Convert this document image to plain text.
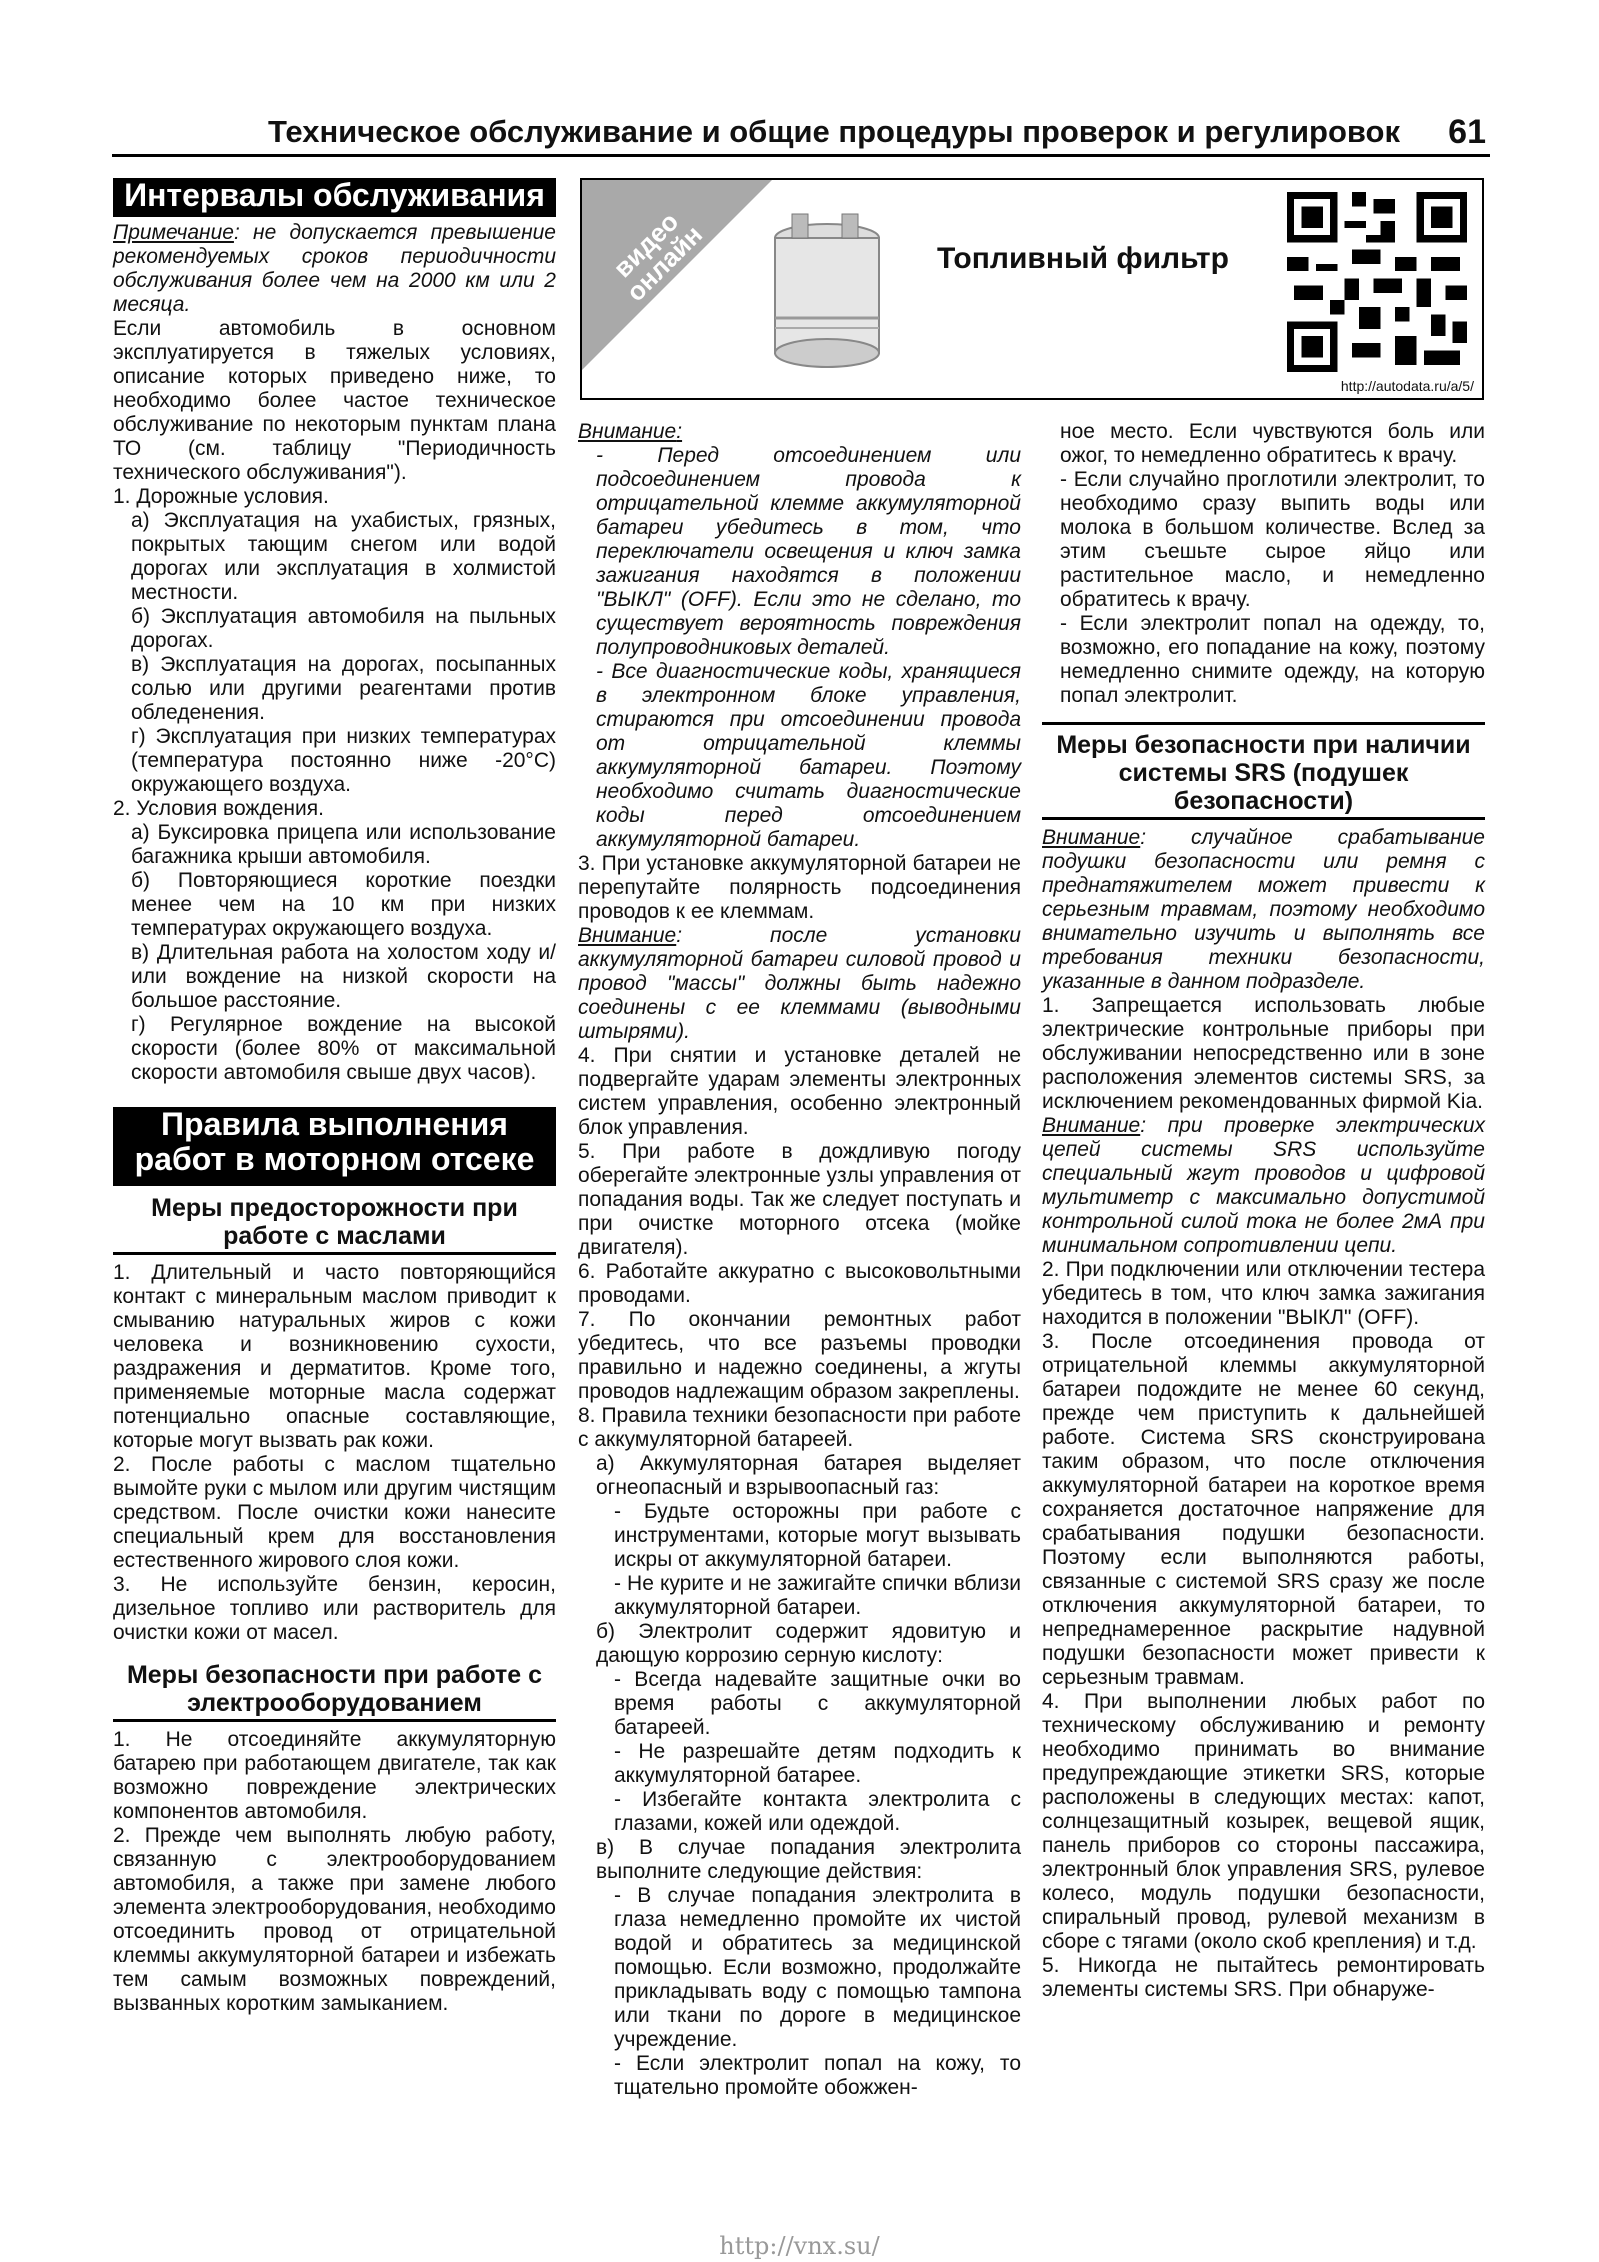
Техническое обслуживание и общие процедуры проверок и регулировок 61
Интервалы обслуживания

Примечание: не допускается превышение рекомендуемых сроков периодичности обслуживания более чем на 2000 км или 2 месяца.

Если автомобиль в основном эксплуатируется в тяжелых условиях, описание которых приведено ниже, то необходимо более частое техническое обслуживание по некоторым пунктам плана ТО (см. таблицу "Периодичность технического обслуживания").

1. Дорожные условия.

а) Эксплуатация на ухабистых, грязных, покрытых тающим снегом или водой дорогах или эксплуатация в холмистой местности.

б) Эксплуатация автомобиля на пыльных дорогах.

в) Эксплуатация на дорогах, посыпанных солью или другими реагентами против обледенения.

г) Эксплуатация при низких температурах (температура постоянно ниже -20°С) окружающего воздуха.

2. Условия вождения.

а) Буксировка прицепа или использование багажника крыши автомобиля.

б) Повторяющиеся короткие поездки менее чем на 10 км при низких температурах окружающего воздуха.

в) Длительная работа на холостом ходу и/или вождение на низкой скорости на большое расстояние.

г) Регулярное вождение на высокой скорости (более 80% от максимальной скорости автомобиля свыше двух часов).

Правила выполнения работ в моторном отсеке
Меры предосторожности при работе с маслами

1. Длительный и часто повторяющийся контакт с минеральным маслом приводит к смыванию натуральных жиров с кожи человека и возникновению сухости, раздражения и дерматитов. Кроме того, применяемые моторные масла содержат потенциально опасные составляющие, которые могут вызвать рак кожи.

2. После работы с маслом тщательно вымойте руки с мылом или другим чистящим средством. После очистки кожи нанесите специальный крем для восстановления естественного жирового слоя кожи.

3. Не используйте бензин, керосин, дизельное топливо или растворитель для очистки кожи от масел.

Меры безопасности при работе с электрооборудованием

1. Не отсоединяйте аккумуляторную батарею при работающем двигателе, так как возможно повреждение электрических компонентов автомобиля.

2. Прежде чем выполнять любую работу, связанную с электрооборудованием автомобиля, а также при замене любого элемента электрооборудования, необходимо отсоединить провод от отрицательной клеммы аккумуляторной батареи и избежать тем самым возможных повреждений, вызванных коротким замыканием.

видео онлайн	Топливный фильтр
http://autodata.ru/a/5/

Внимание:

- Перед отсоединением или подсоединением провода к отрицательной клемме аккумуляторной батареи убедитесь в том, что переключатели освещения и ключ замка зажигания находятся в положении "ВЫКЛ" (OFF). Если это не сделано, то существует вероятность повреждения полупроводниковых деталей.

- Все диагностические коды, хранящиеся в электронном блоке управления, стираются при отсоединении провода от отрицательной клеммы аккумуляторной батареи. Поэтому необходимо считать диагностические коды перед отсоединением аккумуляторной батареи.

3. При установке аккумуляторной батареи не перепутайте полярность подсоединения проводов к ее клеммам.

Внимание: после установки аккумуляторной батареи силовой провод и провод "массы" должны быть надежно соединены с ее клеммами (выводными штырями).

4. При снятии и установке деталей не подвергайте ударам элементы электронных систем управления, особенно электронный блок управления.

5. При работе в дождливую погоду оберегайте электронные узлы управления от попадания воды. Так же следует поступать и при очистке моторного отсека (мойке двигателя).

6. Работайте аккуратно с высоковольтными проводами.

7. По окончании ремонтных работ убедитесь, что все разъемы проводки правильно и надежно соединены, а жгуты проводов надлежащим образом закреплены.

8. Правила техники безопасности при работе с аккумуляторной батареей.

а) Аккумуляторная батарея выделяет огнеопасный и взрывоопасный газ:

- Будьте осторожны при работе с инструментами, которые могут вызывать искры от аккумуляторной батареи.

- Не курите и не зажигайте спички вблизи аккумуляторной батареи.

б) Электролит содержит ядовитую и дающую коррозию серную кислоту:

- Всегда надевайте защитные очки во время работы с аккумуляторной батареей.

- Не разрешайте детям подходить к аккумуляторной батарее.

- Избегайте контакта электролита с глазами, кожей или одеждой.

в) В случае попадания электролита выполните следующие действия:

- В случае попадания электролита в глаза немедленно промойте их чистой водой и обратитесь за медицинской помощью. Если возможно, продолжайте прикладывать воду с помощью тампона или ткани по дороге в медицинское учреждение.

- Если электролит попал на кожу, то тщательно промойте обожжен-

ное место. Если чувствуются боль или ожог, то немедленно обратитесь к врачу.

- Если случайно проглотили электролит, то необходимо сразу выпить воды или молока в большом количестве. Вслед за этим съешьте сырое яйцо или растительное масло, и немедленно обратитесь к врачу.

- Если электролит попал на одежду, то, возможно, его попадание на кожу, поэтому немедленно снимите одежду, на которую попал электролит.

Меры безопасности при наличии системы SRS (подушек безопасности)

Внимание: случайное срабатывание подушки безопасности или ремня с преднатяжителем может привести к серьезным травмам, поэтому необходимо внимательно изучить и выполнять все требования техники безопасности, указанные в данном подразделе.

1. Запрещается использовать любые электрические контрольные приборы при обслуживании непосредственно или в зоне расположения элементов системы SRS, за исключением рекомендованных фирмой Kia.

Внимание: при проверке электрических цепей системы SRS используйте специальный жгут проводов и цифровой мультиметр с максимально допустимой контрольной силой тока не более 2мА при минимальном сопротивлении цепи.

2. При подключении или отключении тестера убедитесь в том, что ключ замка зажигания находится в положении "ВЫКЛ" (OFF).

3. После отсоединения провода от отрицательной клеммы аккумуляторной батареи подождите не менее 60 секунд, прежде чем приступить к дальнейшей работе. Система SRS сконструирована таким образом, что после отключения аккумуляторной батареи на короткое время сохраняется достаточное напряжение для срабатывания подушки безопасности. Поэтому если выполняются работы, связанные с системой SRS сразу же после отключения аккумуляторной батареи, то непреднамеренное раскрытие надувной подушки безопасности может привести к серьезным травмам.

4. При выполнении любых работ по техническому обслуживанию и ремонту необходимо принимать во внимание предупреждающие этикетки SRS, которые расположены в следующих местах: капот, солнцезащитный козырек, вещевой ящик, панель приборов со стороны пассажира, электронный блок управления SRS, рулевое колесо, модуль подушки безопасности, спиральный провод, рулевой механизм в сборе с тягами (около скоб крепления) и т.д.

5. Никогда не пытайтесь ремонтировать элементы системы SRS. При обнаруже-

http://vnx.su/
